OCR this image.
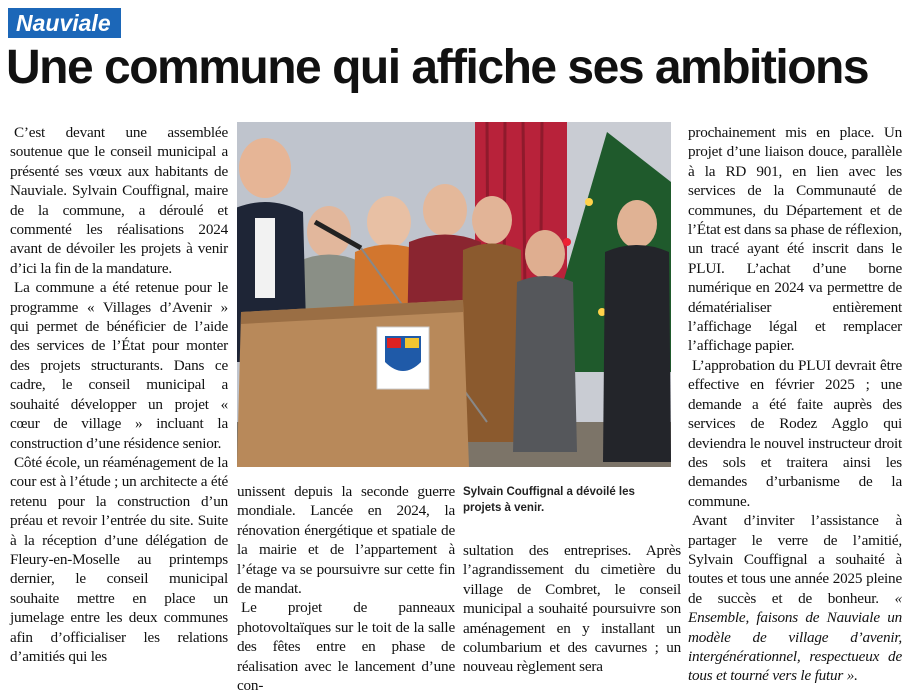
Nauviale
Une commune qui affiche ses ambitions

C’est devant une assemblée soutenue que le conseil municipal a présenté ses vœux aux habitants de Nauviale. Sylvain Couffignal, maire de la commune, a déroulé et commenté les réalisations 2024 avant de dévoiler les projets à venir d’ici la fin de la mandature.

La commune a été retenue pour le programme « Villages d’Avenir » qui permet de bénéficier de l’aide des services de l’État pour monter des projets structurants. Dans ce cadre, le conseil municipal a souhaité développer un projet « cœur de village » incluant la construction d’une résidence senior.

Côté école, un réaménagement de la cour est à l’étude ; un architecte a été retenu pour la construction d’un préau et revoir l’entrée du site. Suite à la réception d’une délégation de Fleury-en-Moselle au printemps dernier, le conseil municipal souhaite mettre en place un jumelage entre les deux communes afin d’officialiser les relations d’amitiés qui les

Sylvain Couffignal a dévoilé les projets à venir.

unissent depuis la seconde guerre mondiale. Lancée en 2024, la rénovation énergétique et spatiale de la mairie et de l’appartement à l’étage va se poursuivre sur cette fin de mandat.

Le projet de panneaux photovoltaïques sur le toit de la salle des fêtes entre en phase de réalisation avec le lancement d’une con-

sultation des entreprises. Après l’agrandissement du cimetière du village de Combret, le conseil municipal a souhaité poursuivre son aménagement en y installant un columbarium et des cavurnes ; un nouveau règlement sera

prochainement mis en place. Un projet d’une liaison douce, parallèle à la RD 901, en lien avec les services de la Communauté de communes, du Département et de l’État est dans sa phase de réflexion, un tracé ayant été inscrit dans le PLUI. L’achat d’une borne numérique en 2024 va permettre de dématérialiser entièrement l’affichage légal et remplacer l’affichage papier.

L’approbation du PLUI devrait être effective en février 2025 ; une demande a été faite auprès des services de Rodez Agglo qui deviendra le nouvel instructeur droit des sols et traitera ainsi les demandes d’urbanisme de la commune.

Avant d’inviter l’assistance à partager le verre de l’amitié, Sylvain Couffignal a souhaité à toutes et tous une année 2025 pleine de succès et de bonheur. « Ensemble, faisons de Nauviale un modèle de village d’avenir, intergénérationnel, respectueux de tous et tourné vers le futur ».
